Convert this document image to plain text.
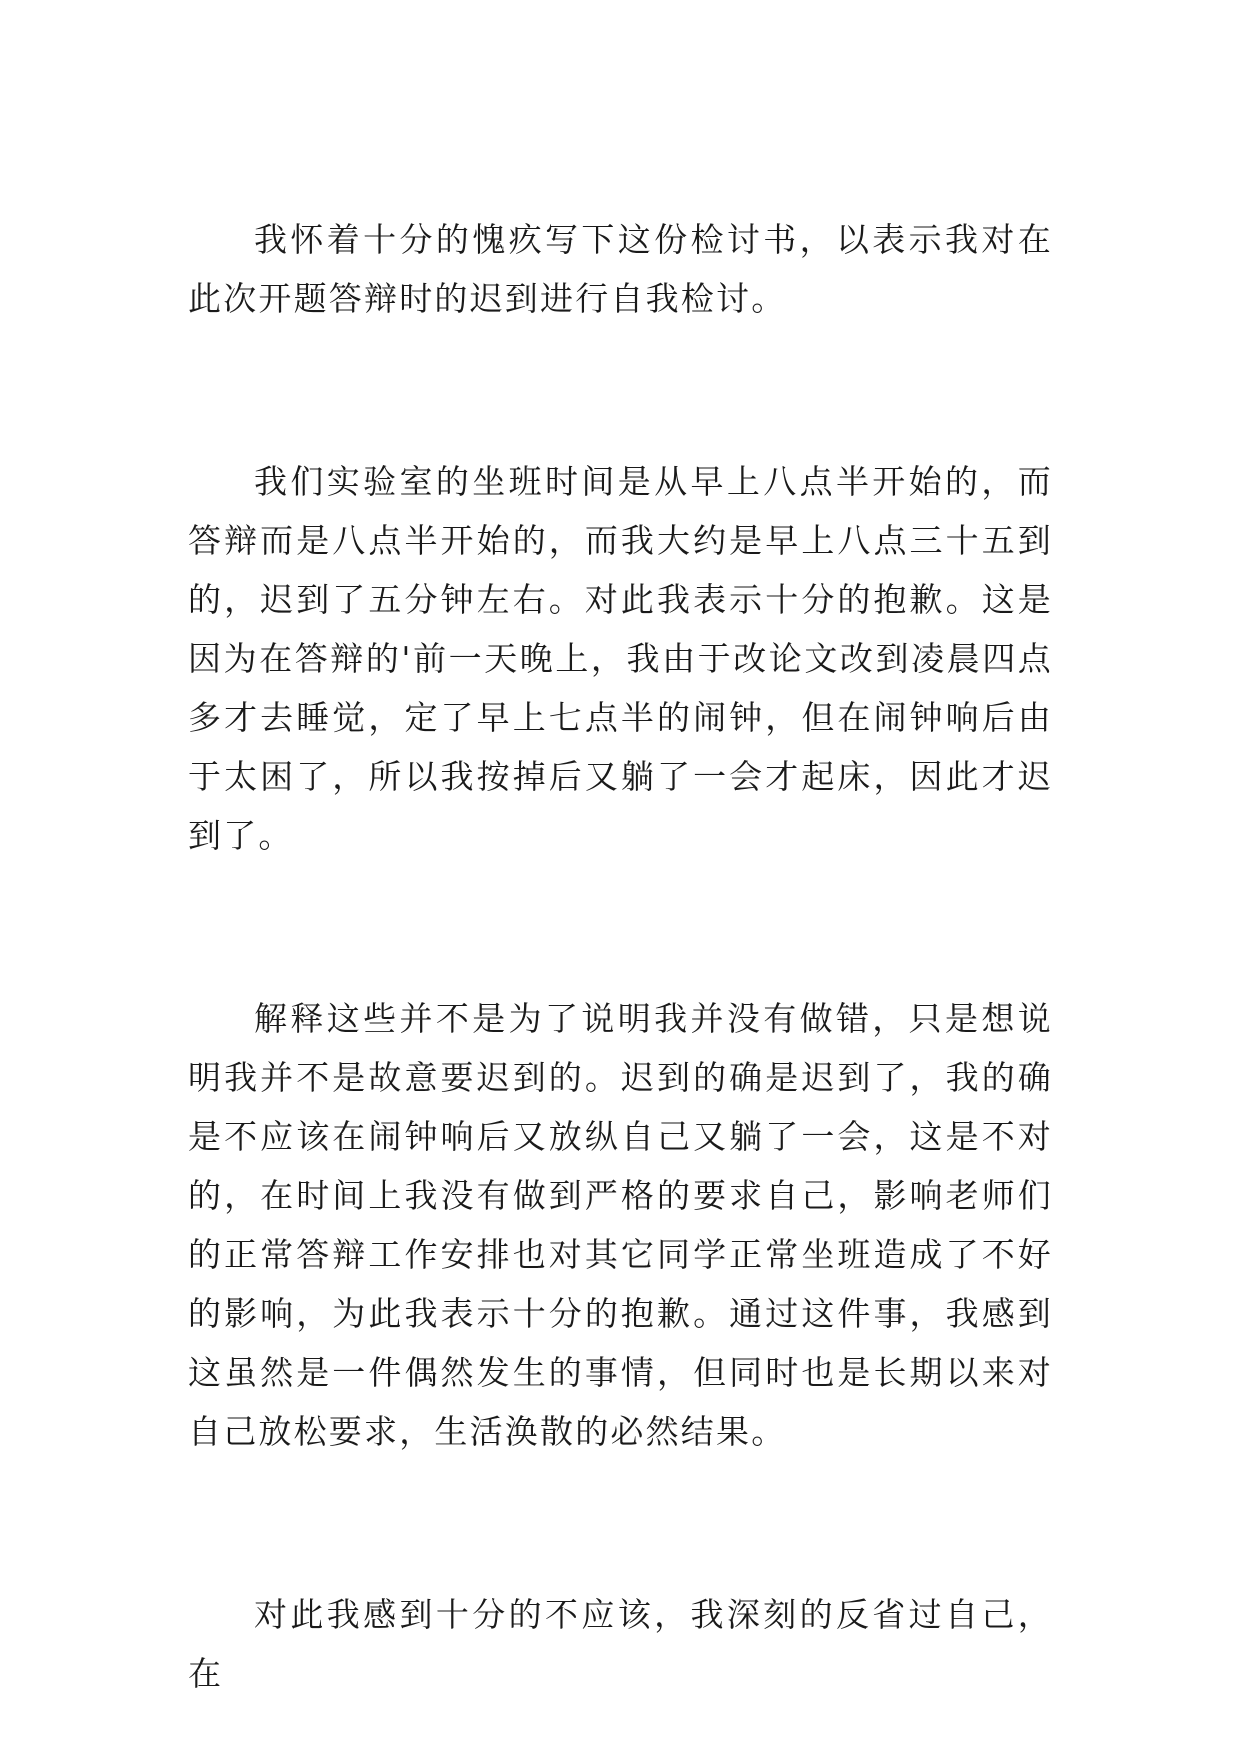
我怀着十分的愧疚写下这份检讨书，以表示我对在此次开题答辩时的迟到进行自我检讨。

我们实验室的坐班时间是从早上八点半开始的，而答辩而是八点半开始的，而我大约是早上八点三十五到的，迟到了五分钟左右。对此我表示十分的抱歉。这是因为在答辩的'前一天晚上，我由于改论文改到凌晨四点多才去睡觉，定了早上七点半的闹钟，但在闹钟响后由于太困了，所以我按掉后又躺了一会才起床，因此才迟到了。

解释这些并不是为了说明我并没有做错，只是想说明我并不是故意要迟到的。迟到的确是迟到了，我的确是不应该在闹钟响后又放纵自己又躺了一会，这是不对的，在时间上我没有做到严格的要求自己，影响老师们的正常答辩工作安排也对其它同学正常坐班造成了不好的影响，为此我表示十分的抱歉。通过这件事，我感到这虽然是一件偶然发生的事情，但同时也是长期以来对自己放松要求，生活涣散的必然结果。

对此我感到十分的不应该，我深刻的反省过自己，在
